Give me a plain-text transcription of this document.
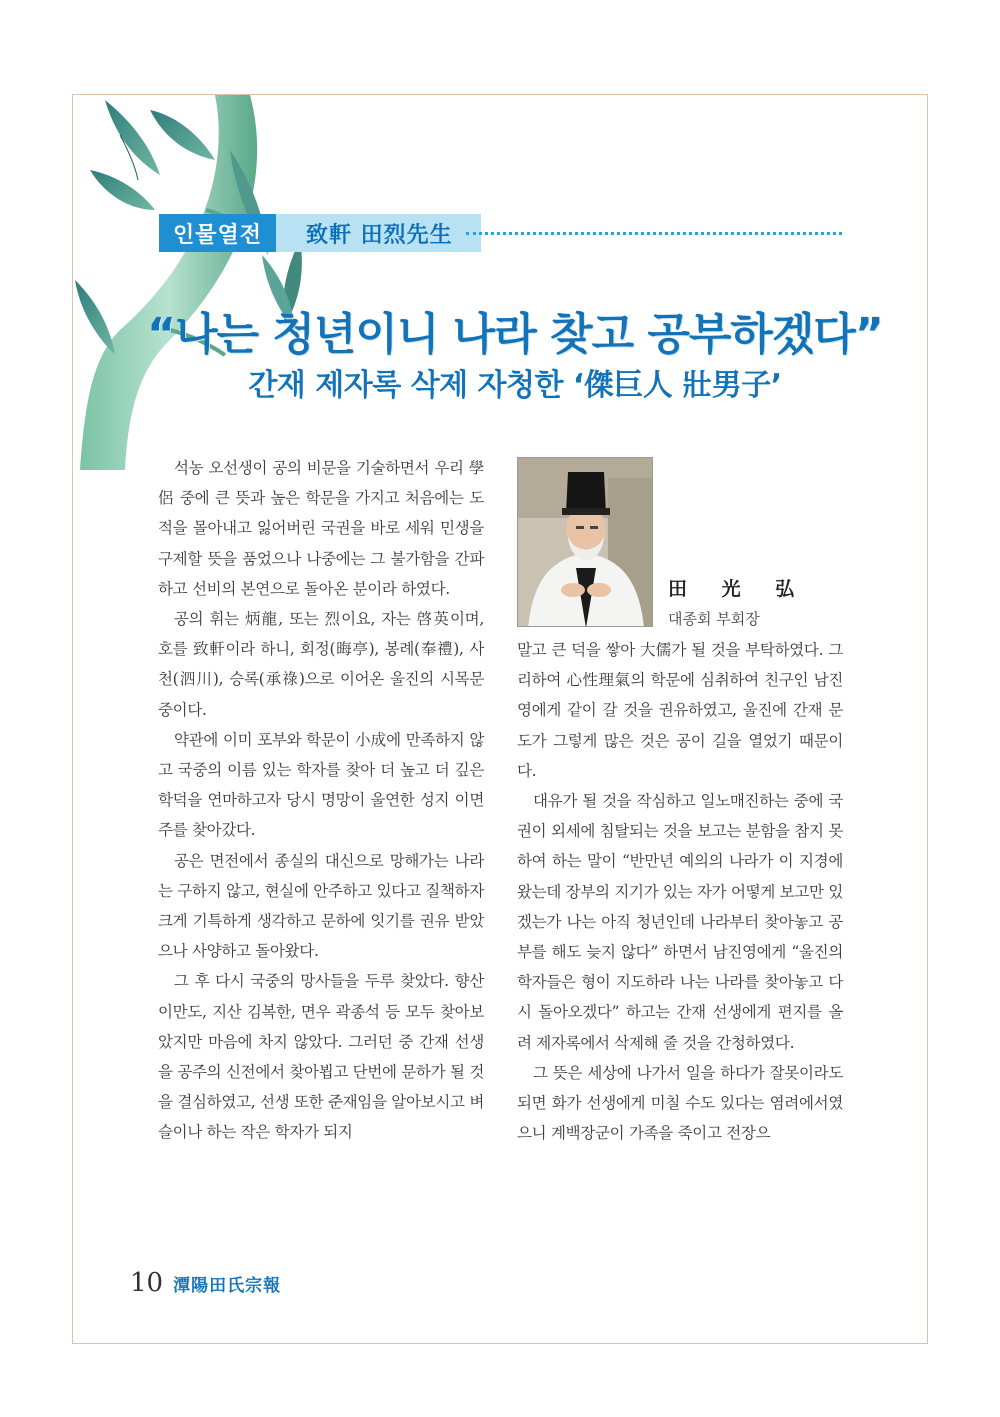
인물열전	致軒 田烈先生
“나는 청년이니 나라 찾고 공부하겠다”
간재 제자록 삭제 자청한 ‘傑巨人 壯男子’

석농 오선생이 공의 비문을 기술하면서 우리 學侶 중에 큰 뜻과 높은 학문을 가지고 처음에는 도적을 몰아내고 잃어버린 국권을 바로 세워 민생을 구제할 뜻을 품었으나 나중에는 그 불가함을 간파하고 선비의 본연으로 돌아온 분이라 하였다.

공의 휘는 炳龍, 또는 烈이요, 자는 啓英이며, 호를 致軒이라 하니, 회정(晦亭), 봉례(奉禮), 사천(泗川), 승록(承祿)으로 이어온 울진의 시목문중이다.

약관에 이미 포부와 학문이 小成에 만족하지 않고 국중의 이름 있는 학자를 찾아 더 높고 더 깊은 학덕을 연마하고자 당시 명망이 울연한 성지 이면주를 찾아갔다.

공은 면전에서 종실의 대신으로 망해가는 나라는 구하지 않고, 현실에 안주하고 있다고 질책하자 크게 기특하게 생각하고 문하에 잇기를 권유 받았으나 사양하고 돌아왔다.

그 후 다시 국중의 망사들을 두루 찾았다. 향산 이만도, 지산 김복한, 면우 곽종석 등 모두 찾아보았지만 마음에 차지 않았다. 그러던 중 간재 선생을 공주의 신전에서 찾아뵙고 단번에 문하가 될 것을 결심하였고, 선생 또한 준재임을 알아보시고 벼슬이나 하는 작은 학자가 되지

田 光 弘
대종회 부회장

말고 큰 덕을 쌓아 大儒가 될 것을 부탁하였다. 그리하여 心性理氣의 학문에 심취하여 친구인 남진영에게 같이 갈 것을 권유하였고, 울진에 간재 문도가 그렇게 많은 것은 공이 길을 열었기 때문이다.

대유가 될 것을 작심하고 일노매진하는 중에 국권이 외세에 침탈되는 것을 보고는 분함을 참지 못하여 하는 말이 “반만년 예의의 나라가 이 지경에 왔는데 장부의 지기가 있는 자가 어떻게 보고만 있겠는가 나는 아직 청년인데 나라부터 찾아놓고 공부를 해도 늦지 않다” 하면서 남진영에게 “울진의 학자들은 형이 지도하라 나는 나라를 찾아놓고 다시 돌아오겠다” 하고는 간재 선생에게 편지를 올려 제자록에서 삭제해 줄 것을 간청하였다.

그 뜻은 세상에 나가서 일을 하다가 잘못이라도 되면 화가 선생에게 미칠 수도 있다는 염려에서였으니 계백장군이 가족을 죽이고 전장으

10 潭陽田氏宗報
